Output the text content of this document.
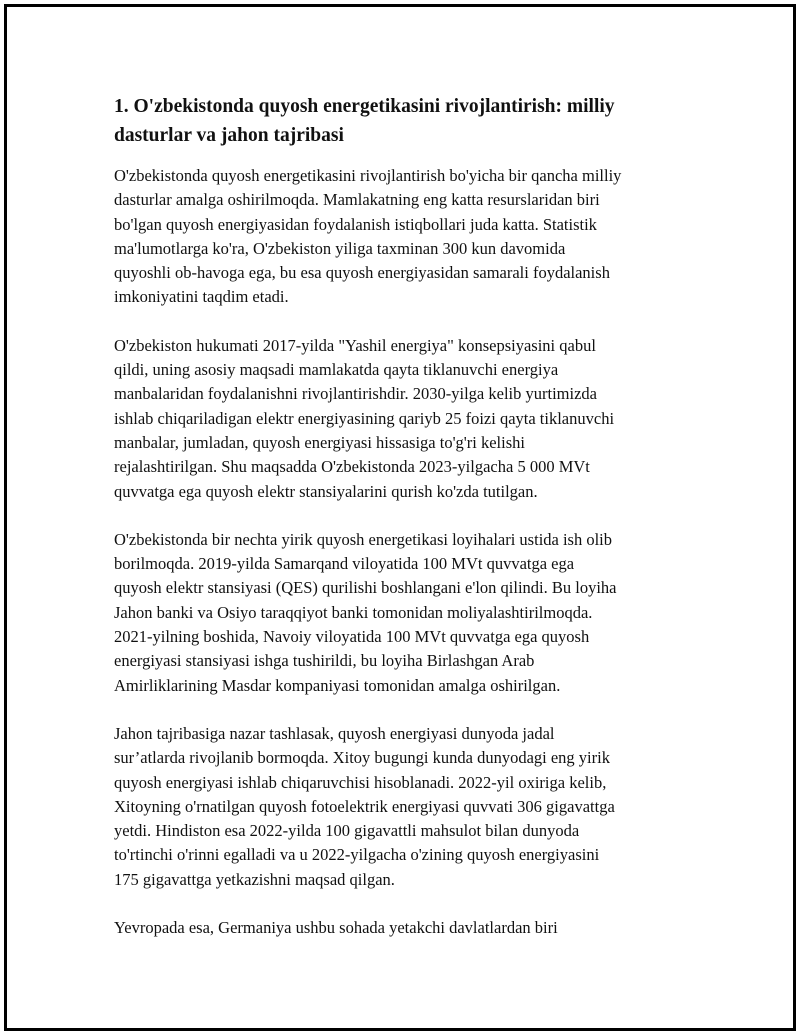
1. O'zbekistonda quyosh energetikasini rivojlantirish: milliy
dasturlar va jahon tajribasi

O'zbekistonda quyosh energetikasini rivojlantirish bo'yicha bir qancha milliy
dasturlar amalga oshirilmoqda. Mamlakatning eng katta resurslaridan biri
bo'lgan quyosh energiyasidan foydalanish istiqbollari juda katta. Statistik
ma'lumotlarga ko'ra, O'zbekiston yiliga taxminan 300 kun davomida
quyoshli ob-havoga ega, bu esa quyosh energiyasidan samarali foydalanish
imkoniyatini taqdim etadi.

O'zbekiston hukumati 2017-yilda "Yashil energiya" konsepsiyasini qabul
qildi, uning asosiy maqsadi mamlakatda qayta tiklanuvchi energiya
manbalaridan foydalanishni rivojlantirishdir. 2030-yilga kelib yurtimizda
ishlab chiqariladigan elektr energiyasining qariyb 25 foizi qayta tiklanuvchi
manbalar, jumladan, quyosh energiyasi hissasiga to'g'ri kelishi
rejalashtirilgan. Shu maqsadda O'zbekistonda 2023-yilgacha 5 000 MVt
quvvatga ega quyosh elektr stansiyalarini qurish ko'zda tutilgan.

O'zbekistonda bir nechta yirik quyosh energetikasi loyihalari ustida ish olib
borilmoqda. 2019-yilda Samarqand viloyatida 100 MVt quvvatga ega
quyosh elektr stansiyasi (QES) qurilishi boshlangani e'lon qilindi. Bu loyiha
Jahon banki va Osiyo taraqqiyot banki tomonidan moliyalashtirilmoqda.
2021-yilning boshida, Navoiy viloyatida 100 MVt quvvatga ega quyosh
energiyasi stansiyasi ishga tushirildi, bu loyiha Birlashgan Arab
Amirliklarining Masdar kompaniyasi tomonidan amalga oshirilgan.

Jahon tajribasiga nazar tashlasak, quyosh energiyasi dunyoda jadal
sur’atlarda rivojlanib bormoqda. Xitoy bugungi kunda dunyodagi eng yirik
quyosh energiyasi ishlab chiqaruvchisi hisoblanadi. 2022-yil oxiriga kelib,
Xitoyning o'rnatilgan quyosh fotoelektrik energiyasi quvvati 306 gigavattga
yetdi. Hindiston esa 2022-yilda 100 gigavattli mahsulot bilan dunyoda
to'rtinchi o'rinni egalladi va u 2022-yilgacha o'zining quyosh energiyasini
175 gigavattga yetkazishni maqsad qilgan.

Yevropada esa, Germaniya ushbu sohada yetakchi davlatlardan biri
